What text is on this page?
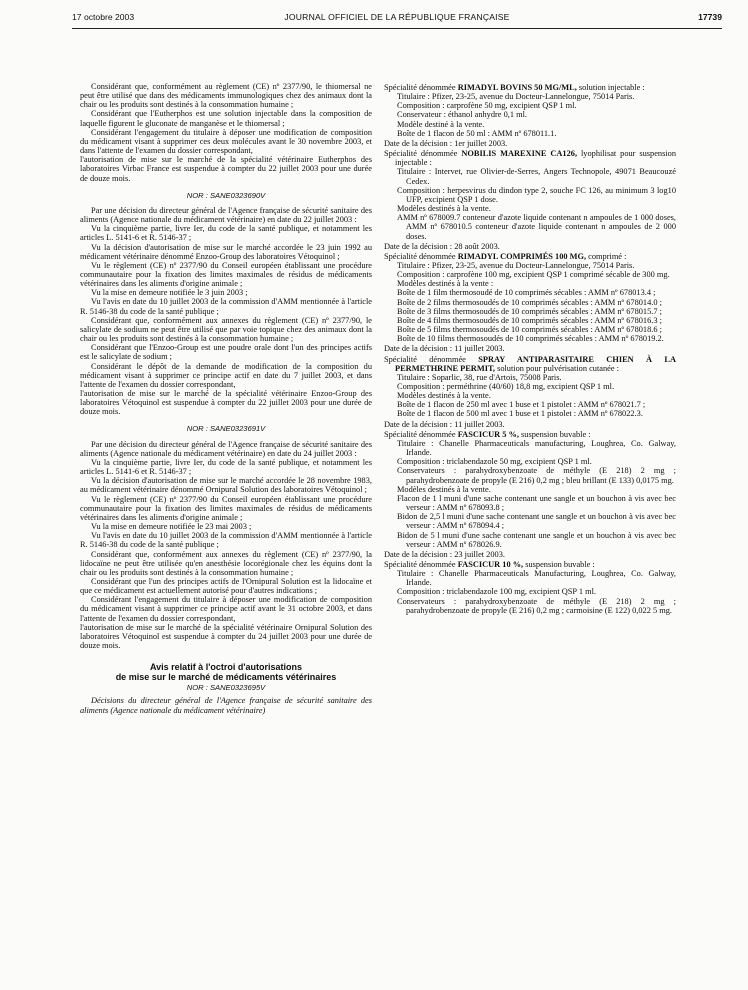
17 octobre 2003	JOURNAL OFFICIEL DE LA RÉPUBLIQUE FRANÇAISE	17739

Considérant que, conformément au règlement (CE) nº 2377/90, le thiomersal ne peut être utilisé que dans des médicaments immunologiques chez des animaux dont la chair ou les produits sont destinés à la consommation humaine ;

Considérant que l'Eutherphos est une solution injectable dans la composition de laquelle figurent le gluconate de manganèse et le thiomersal ;

Considérant l'engagement du titulaire à déposer une modification de composition du médicament visant à supprimer ces deux molécules avant le 30 novembre 2003, et dans l'attente de l'examen du dossier correspondant,

l'autorisation de mise sur le marché de la spécialité vétérinaire Eutherphos des laboratoires Virbac France est suspendue à compter du 22 juillet 2003 pour une durée de douze mois.

NOR : SANE0323690V

Par une décision du directeur général de l'Agence française de sécurité sanitaire des aliments (Agence nationale du médicament vétérinaire) en date du 22 juillet 2003 :

Vu la cinquième partie, livre Ier, du code de la santé publique, et notamment les articles L. 5141-6 et R. 5146-37 ;

Vu la décision d'autorisation de mise sur le marché accordée le 23 juin 1992 au médicament vétérinaire dénommé Enzoo-Group des laboratoires Vétoquinol ;

Vu le règlement (CE) nº 2377/90 du Conseil européen établissant une procédure communautaire pour la fixation des limites maximales de résidus de médicaments vétérinaires dans les aliments d'origine animale ;

Vu la mise en demeure notifiée le 3 juin 2003 ;

Vu l'avis en date du 10 juillet 2003 de la commission d'AMM mentionnée à l'article R. 5146-38 du code de la santé publique ;

Considérant que, conformément aux annexes du règlement (CE) nº 2377/90, le salicylate de sodium ne peut être utilisé que par voie topique chez des animaux dont la chair ou les produits sont destinés à la consommation humaine ;

Considérant que l'Enzoo-Group est une poudre orale dont l'un des principes actifs est le salicylate de sodium ;

Considérant le dépôt de la demande de modification de la composition du médicament visant à supprimer ce principe actif en date du 7 juillet 2003, et dans l'attente de l'examen du dossier correspondant,

l'autorisation de mise sur le marché de la spécialité vétérinaire Enzoo-Group des laboratoires Vétoquinol est suspendue à compter du 22 juillet 2003 pour une durée de douze mois.

NOR : SANE0323691V

Par une décision du directeur général de l'Agence française de sécurité sanitaire des aliments (Agence nationale du médicament vétérinaire) en date du 24 juillet 2003 :

Vu la cinquième partie, livre Ier, du code de la santé publique, et notamment les articles L. 5141-6 et R. 5146-37 ;

Vu la décision d'autorisation de mise sur le marché accordée le 28 novembre 1983, au médicament vétérinaire dénommé Ornipural Solution des laboratoires Vétoquinol ;

Vu le règlement (CE) nº 2377/90 du Conseil européen établissant une procédure communautaire pour la fixation des limites maximales de résidus de médicaments vétérinaires dans les aliments d'origine animale ;

Vu la mise en demeure notifiée le 23 mai 2003 ;

Vu l'avis en date du 10 juillet 2003 de la commission d'AMM mentionnée à l'article R. 5146-38 du code de la santé publique ;

Considérant que, conformément aux annexes du règlement (CE) nº 2377/90, la lidocaïne ne peut être utilisée qu'en anesthésie locorégionale chez les équins dont la chair ou les produits sont destinés à la consommation humaine ;

Considérant que l'un des principes actifs de l'Ornipural Solution est la lidocaïne et que ce médicament est actuellement autorisé pour d'autres indications ;

Considérant l'engagement du titulaire à déposer une modification de composition du médicament visant à supprimer ce principe actif avant le 31 octobre 2003, et dans l'attente de l'examen du dossier correspondant,

l'autorisation de mise sur le marché de la spécialité vétérinaire Ornipural Solution des laboratoires Vétoquinol est suspendue à compter du 24 juillet 2003 pour une durée de douze mois.

Avis relatif à l'octroi d'autorisations
de mise sur le marché de médicaments vétérinaires

NOR : SANE0323695V

Décisions du directeur général de l'Agence française de sécurité sanitaire des aliments (Agence nationale du médicament vétérinaire)

Spécialité dénommée RIMADYL BOVINS 50 MG/ML, solution injectable :

Titulaire : Pfizer, 23-25, avenue du Docteur-Lannelongue, 75014 Paris.

Composition : carprofène 50 mg, excipient QSP 1 ml.

Conservateur : éthanol anhydre 0,1 ml.

Modèle destiné à la vente.

Boîte de 1 flacon de 50 ml : AMM nº 678011.1.

Date de la décision : 1er juillet 2003.

Spécialité dénommée NOBILIS MAREXINE CA126, lyophilisat pour suspension injectable :

Titulaire : Intervet, rue Olivier-de-Serres, Angers Technopole, 49071 Beaucouzé Cedex.

Composition : herpesvirus du dindon type 2, souche FC 126, au minimum 3 log10 UFP, excipient QSP 1 dose.

Modèles destinés à la vente.

AMM nº 678009.7 conteneur d'azote liquide contenant n ampoules de 1 000 doses, AMM nº 678010.5 conteneur d'azote liquide contenant n ampoules de 2 000 doses.

Date de la décision : 28 août 2003.

Spécialité dénommée RIMADYL COMPRIMÉS 100 MG, comprimé :

Titulaire : Pfizer, 23-25, avenue du Docteur-Lannelongue, 75014 Paris.

Composition : carprofène 100 mg, excipient QSP 1 comprimé sécable de 300 mg.

Modèles destinés à la vente :

Boîte de 1 film thermosoudé de 10 comprimés sécables : AMM nº 678013.4 ;

Boîte de 2 films thermosoudés de 10 comprimés sécables : AMM nº 678014.0 ;

Boîte de 3 films thermosoudés de 10 comprimés sécables : AMM nº 678015.7 ;

Boîte de 4 films thermosoudés de 10 comprimés sécables : AMM nº 678016.3 ;

Boîte de 5 films thermosoudés de 10 comprimés sécables : AMM nº 678018.6 ;

Boîte de 10 films thermosoudés de 10 comprimés sécables : AMM nº 678019.2.

Date de la décision : 11 juillet 2003.

Spécialité dénommée SPRAY ANTIPARASITAIRE CHIEN À LA PERMETHRINE PERMIT, solution pour pulvérisation cutanée :

Titulaire : Soparlic, 38, rue d'Artois, 75008 Paris.

Composition : perméthrine (40/60) 18,8 mg, excipient QSP 1 ml.

Modèles destinés à la vente.

Boîte de 1 flacon de 250 ml avec 1 buse et 1 pistolet : AMM nº 678021.7 ;

Boîte de 1 flacon de 500 ml avec 1 buse et 1 pistolet : AMM nº 678022.3.

Date de la décision : 11 juillet 2003.

Spécialité dénommée FASCICUR 5 %, suspension buvable :

Titulaire : Chanelle Pharmaceuticals manufacturing, Loughrea, Co. Galway, Irlande.

Composition : triclabendazole 50 mg, excipient QSP 1 ml.

Conservateurs : parahydroxybenzoate de méthyle (E 218) 2 mg ; parahydrobenzoate de propyle (E 216) 0,2 mg ; bleu brillant (E 133) 0,0175 mg.

Modèles destinés à la vente.

Flacon de 1 l muni d'une sache contenant une sangle et un bouchon à vis avec bec verseur : AMM nº 678093.8 ;

Bidon de 2,5 l muni d'une sache contenant une sangle et un bouchon à vis avec bec verseur : AMM nº 678094.4 ;

Bidon de 5 l muni d'une sache contenant une sangle et un bouchon à vis avec bec verseur : AMM nº 678026.9.

Date de la décision : 23 juillet 2003.

Spécialité dénommée FASCICUR 10 %, suspension buvable :

Titulaire : Chanelle Pharmaceuticals Manufacturing, Loughrea, Co. Galway, Irlande.

Composition : triclabendazole 100 mg, excipient QSP 1 ml.

Conservateurs : parahydroxybenzoate de méthyle (E 218) 2 mg ; parahydrobenzoate de propyle (E 216) 0,2 mg ; carmoisine (E 122) 0,022 5 mg.
